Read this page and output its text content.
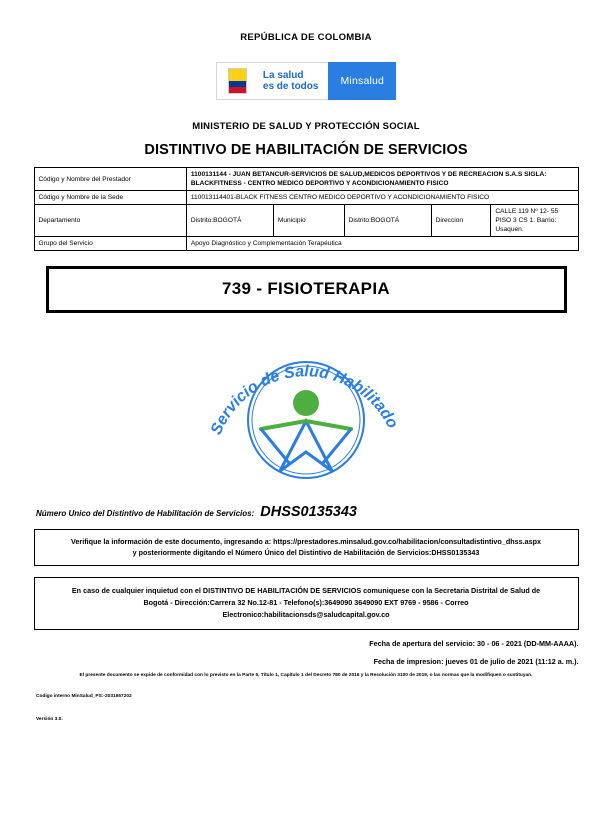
REPÚBLICA DE COLOMBIA
La salud
es de todos	Minsalud
MINISTERIO DE SALUD Y PROTECCIÓN SOCIAL
DISTINTIVO DE HABILITACIÓN DE SERVICIOS
Código y Nombre del Prestador	1100131144 - JUAN BETANCUR-SERVICIOS DE SALUD,MEDICOS DEPORTIVOS Y DE RECREACION S.A.S SIGLA: BLACKFITNESS - CENTRO MEDICO DEPORTIVO Y ACONDICIONAMIENTO FISICO				
Código y Nombre de la Sede	110013114401-BLACK FITNESS CENTRO MEDICO DEPORTIVO Y ACONDICIONAMIENTO FISICO				
Departamento	Distrito:BOGOTÁ	Municipio	Distrito:BOGOTÁ	Direccion	CALLE 119 Nº 12- 55 PISO 3 CS 1. Barrio: Usaquen.
Grupo del Servicio	Apoyo Diagnóstico y Complementación Terapéutica				
739 - FISIOTERAPIA
Servicio de Salud Habilitado
Número Unico del Distintivo de Habilitación de Servicios: DHSS0135343
Verifique la información de este documento, ingresando a: https://prestadores.minsalud.gov.co/habilitacion/consultadistintivo_dhss.aspx
y posteriormente digitando el Número Único del Distintivo de Habilitación de Servicios:DHSS0135343
En caso de cualquier inquietud con el DISTINTIVO DE HABILITACIÓN DE SERVICIOS comuniquese con la Secretaria Distrital de Salud de
Bogotá - Dirección:Carrera 32 No.12-81 - Telefono(s):3649090 3649090 EXT 9769 - 9586 - Correo
Electronico:habilitacionsds@saludcapital.gov.co
Fecha de apertura del servicio: 30 - 06 - 2021 (DD-MM-AAAA).
Fecha de impresion: jueves 01 de julio de 2021 (11:12 a. m.).
El presente documento se expide de conformidad con lo previsto en la Parte 5, Título 1, Capítulo 1 del Decreto 780 de 2016 y la Resolución 3100 de 2019, o las normas que la modifiquen o sustituyan.
Codigo interno MinSalud_PS:-2031657202
Versión 3.0.
